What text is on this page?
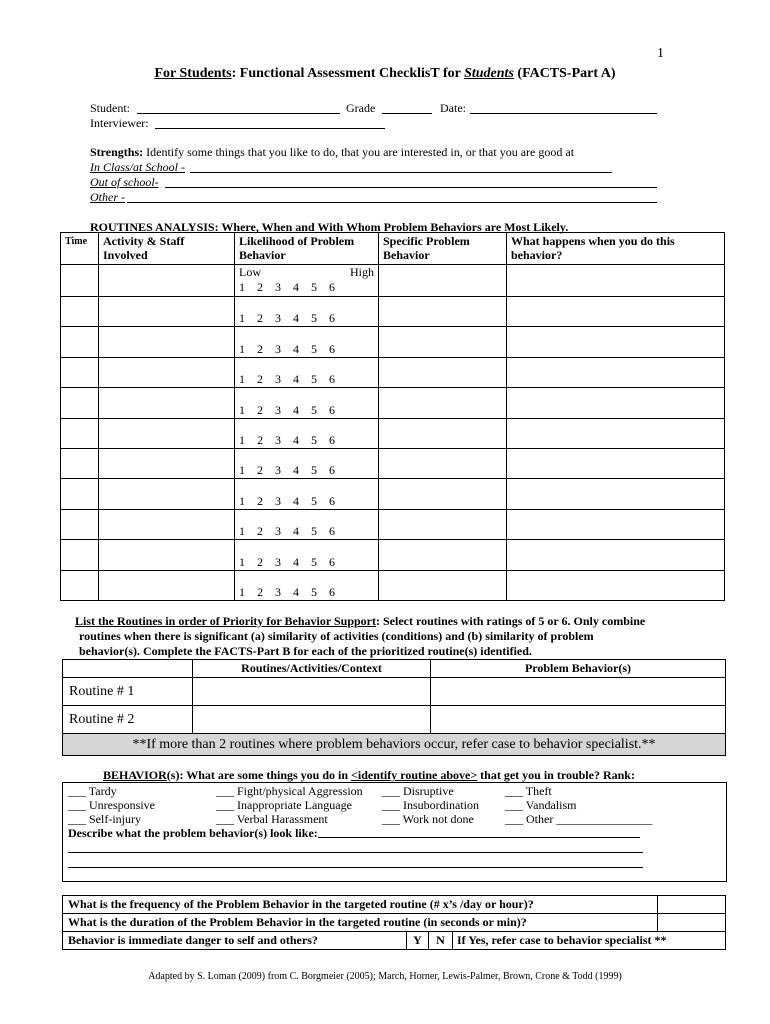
1
For Students: Functional Assessment ChecklisT for Students (FACTS-Part A)
Student:	Grade	Date:
Interviewer:
Strengths: Identify some things that you like to do, that you are interested in, or that you are good at
In Class/at School -
Out of school-
Other -
ROUTINES ANALYSIS: Where, When and With Whom Problem Behaviors are Most Likely.
Time	Activity & Staff Involved	Likelihood of Problem Behavior	Specific Problem Behavior	What happens when you do this behavior?

		Low High
1    2    3    4    5    6		

		1    2    3    4    5    6		

		1    2    3    4    5    6		

		1    2    3    4    5    6		

		1    2    3    4    5    6		

		1    2    3    4    5    6		

		1    2    3    4    5    6		

		1    2    3    4    5    6		

		1    2    3    4    5    6		

		1    2    3    4    5    6		

		1    2    3    4    5    6		

List the Routines in order of Priority for Behavior Support: Select routines with ratings of 5 or 6. Only combine
routines when there is significant (a) similarity of activities (conditions) and (b) similarity of problem
behavior(s). Complete the FACTS-Part B for each of the prioritized routine(s) identified.
	Routines/Activities/Context	Problem Behavior(s)
Routine # 1		
Routine # 2		
**If more than 2 routines where problem behaviors occur, refer case to behavior specialist.**		
BEHAVIOR(s): What are some things you do in <identify routine above> that get you in trouble? Rank:
___ Tardy	___ Fight/physical Aggression ___ Disruptive	___ Theft
___ Unresponsive	___ Inappropriate Language	___ Insubordination ___ Vandalism
___ Self-injury	___ Verbal Harassment	___ Work not done	___ Other ________________
Describe what the problem behavior(s) look like:
What is the frequency of the Problem Behavior in the targeted routine (# x’s /day or hour)?				
What is the duration of the Problem Behavior in the targeted routine (in seconds or min)?				
Behavior is immediate danger to self and others?	Y	N	If Yes, refer case to behavior specialist **	
Adapted by S. Loman (2009) from C. Borgmeier (2005); March, Horner, Lewis-Palmer, Brown, Crone & Todd (1999)
